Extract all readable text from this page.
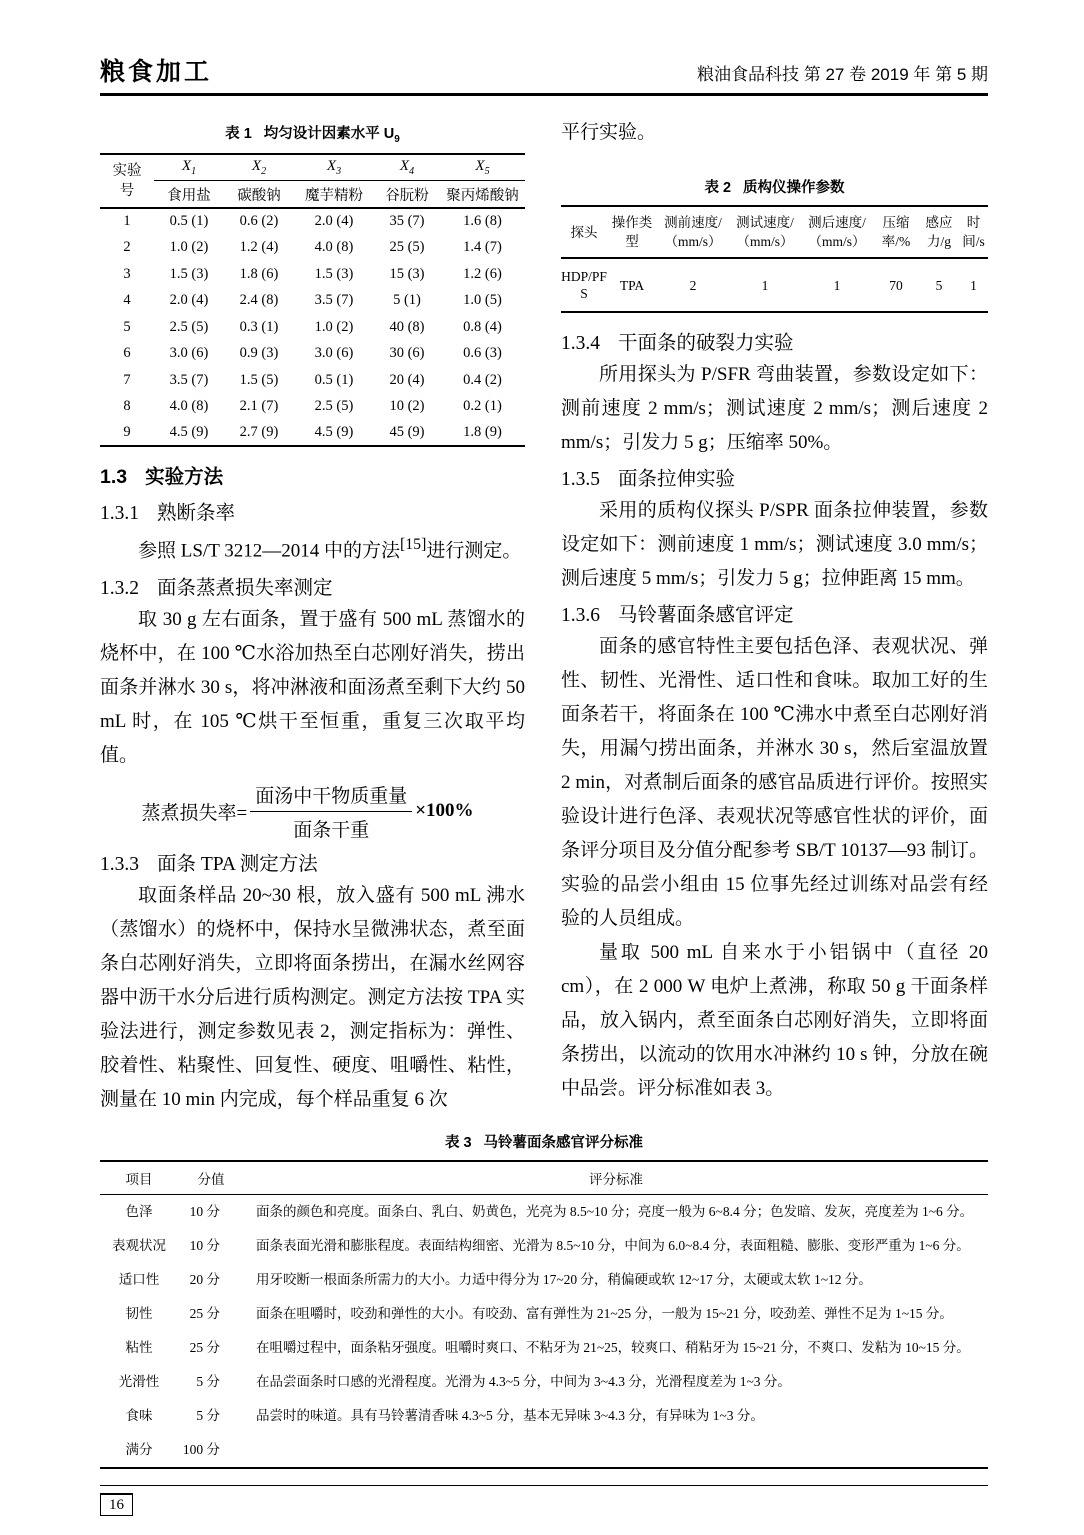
粮食加工	粮油食品科技 第 27 卷 2019 年 第 5 期
表 1 均匀设计因素水平 $U_9$
实验
号	$X_1$	$X_2$	$X_3$	$X_4$	$X_5$
	食用盐	碳酸钠	魔芋精粉	谷朊粉	聚丙烯酸钠
1	0.5 (1)	0.6 (2)	2.0 (4)	35 (7)	1.6 (8)
2	1.0 (2)	1.2 (4)	4.0 (8)	25 (5)	1.4 (7)
3	1.5 (3)	1.8 (6)	1.5 (3)	15 (3)	1.2 (6)
4	2.0 (4)	2.4 (8)	3.5 (7)	5 (1)	1.0 (5)
5	2.5 (5)	0.3 (1)	1.0 (2)	40 (8)	0.8 (4)
6	3.0 (6)	0.9 (3)	3.0 (6)	30 (6)	0.6 (3)
7	3.5 (7)	1.5 (5)	0.5 (1)	20 (4)	0.4 (2)
8	4.0 (8)	2.1 (7)	2.5 (5)	10 (2)	0.2 (1)
9	4.5 (9)	2.7 (9)	4.5 (9)	45 (9)	1.8 (9)
1.3 实验方法
1.3.1 熟断条率

参照 LS/T 3212—2014 中的方法[15]进行测定。

1.3.2 面条蒸煮损失率测定

取 30 g 左右面条，置于盛有 500 mL 蒸馏水的烧杯中，在 100 ℃水浴加热至白芯刚好消失，捞出面条并淋水 30 s，将冲淋液和面汤煮至剩下大约 50 mL 时，在 105 ℃烘干至恒重，重复三次取平均值。

蒸煮损失率= $\frac{\text{面汤中干物质重量}}{\text{面条干重}} \times 100\%$
1.3.3 面条 TPA 测定方法

取面条样品 20~30 根，放入盛有 500 mL 沸水（蒸馏水）的烧杯中，保持水呈微沸状态，煮至面条白芯刚好消失，立即将面条捞出，在漏水丝网容器中沥干水分后进行质构测定。测定方法按 TPA 实验法进行，测定参数见表 2，测定指标为：弹性、胶着性、粘聚性、回复性、硬度、咀嚼性、粘性，测量在 10 min 内完成，每个样品重复 6 次

平行实验。

表 2 质构仪操作参数
探头	操作类型	测前速度/（mm/s）	测试速度/（mm/s）	测后速度/（mm/s）	压缩率/%	感应力/g	时间/s
HDP/PFS	TPA	2	1	1	70	5	1
1.3.4 干面条的破裂力实验

所用探头为 P/SFR 弯曲装置，参数设定如下：测前速度 2 mm/s；测试速度 2 mm/s；测后速度 2 mm/s；引发力 5 g；压缩率 50%。

1.3.5 面条拉伸实验

采用的质构仪探头 P/SPR 面条拉伸装置，参数设定如下：测前速度 1 mm/s；测试速度 3.0 mm/s；测后速度 5 mm/s；引发力 5 g；拉伸距离 15 mm。

1.3.6 马铃薯面条感官评定

面条的感官特性主要包括色泽、表观状况、弹性、韧性、光滑性、适口性和食味。取加工好的生面条若干，将面条在 100 ℃沸水中煮至白芯刚好消失，用漏勺捞出面条，并淋水 30 s，然后室温放置 2 min，对煮制后面条的感官品质进行评价。按照实验设计进行色泽、表观状况等感官性状的评价，面条评分项目及分值分配参考 SB/T 10137—93 制订。实验的品尝小组由 15 位事先经过训练对品尝有经验的人员组成。

量取 500 mL 自来水于小铝锅中（直径 20 cm），在 2 000 W 电炉上煮沸，称取 50 g 干面条样品，放入锅内，煮至面条白芯刚好消失，立即将面条捞出，以流动的饮用水冲淋约 10 s 钟，分放在碗中品尝。评分标准如表 3。

表 3 马铃薯面条感官评分标准
项目	分值	评分标准
色泽	10 分	面条的颜色和亮度。面条白、乳白、奶黄色，光亮为 8.5~10 分；亮度一般为 6~8.4 分；色发暗、发灰，亮度差为 1~6 分。
表观状况	10 分	面条表面光滑和膨胀程度。表面结构细密、光滑为 8.5~10 分，中间为 6.0~8.4 分，表面粗糙、膨胀、变形严重为 1~6 分。
适口性	20 分	用牙咬断一根面条所需力的大小。力适中得分为 17~20 分，稍偏硬或软 12~17 分，太硬或太软 1~12 分。
韧性	25 分	面条在咀嚼时，咬劲和弹性的大小。有咬劲、富有弹性为 21~25 分，一般为 15~21 分，咬劲差、弹性不足为 1~15 分。
粘性	25 分	在咀嚼过程中，面条粘牙强度。咀嚼时爽口、不粘牙为 21~25，较爽口、稍粘牙为 15~21 分，不爽口、发粘为 10~15 分。
光滑性	5 分	在品尝面条时口感的光滑程度。光滑为 4.3~5 分，中间为 3~4.3 分，光滑程度差为 1~3 分。
食味	5 分	品尝时的味道。具有马铃薯清香味 4.3~5 分，基本无异味 3~4.3 分，有异味为 1~3 分。
满分	100 分	
16
